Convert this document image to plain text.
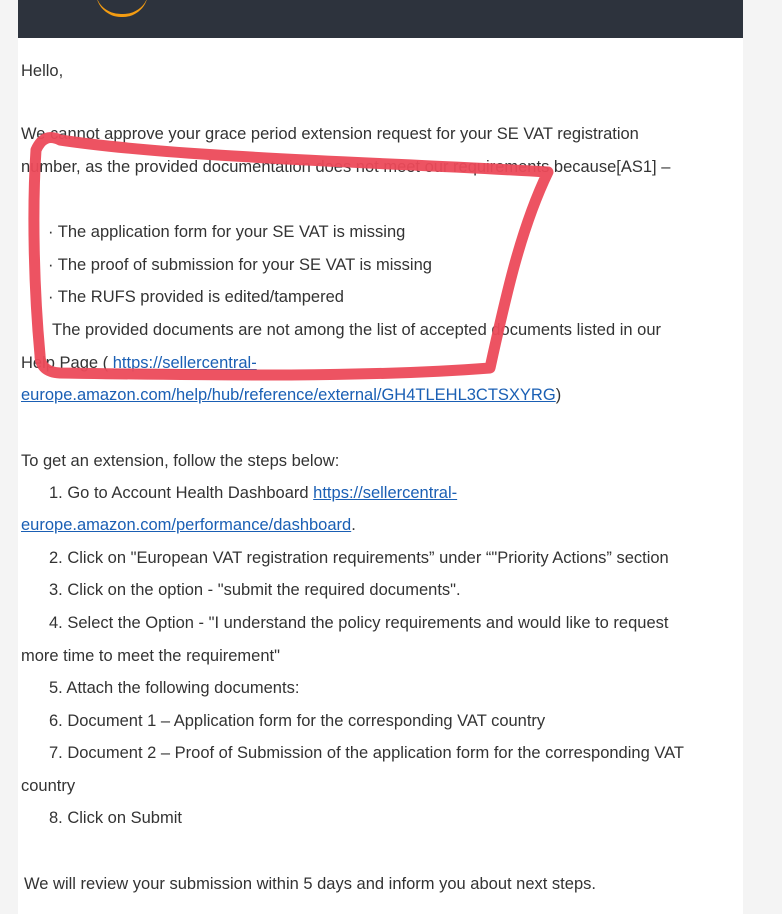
Hello,
We cannot approve your grace period extension request for your SE VAT registration
number, as the provided documentation does not meet our requirements because[AS1] –
· The application form for your SE VAT is missing
· The proof of submission for your SE VAT is missing
· The RUFS provided is edited/tampered
The provided documents are not among the list of accepted documents listed in our
Help Page ( https://sellercentral-
europe.amazon.com/help/hub/reference/external/GH4TLEHL3CTSXYRG)
To get an extension, follow the steps below:
1. Go to Account Health Dashboard https://sellercentral-
europe.amazon.com/performance/dashboard.
2. Click on "European VAT registration requirements” under “"Priority Actions” section
3. Click on the option - "submit the required documents".
4. Select the Option - "I understand the policy requirements and would like to request
more time to meet the requirement"
5. Attach the following documents:
6. Document 1 – Application form for the corresponding VAT country
7. Document 2 – Proof of Submission of the application form for the corresponding VAT
country
8. Click on Submit
We will review your submission within 5 days and inform you about next steps.
